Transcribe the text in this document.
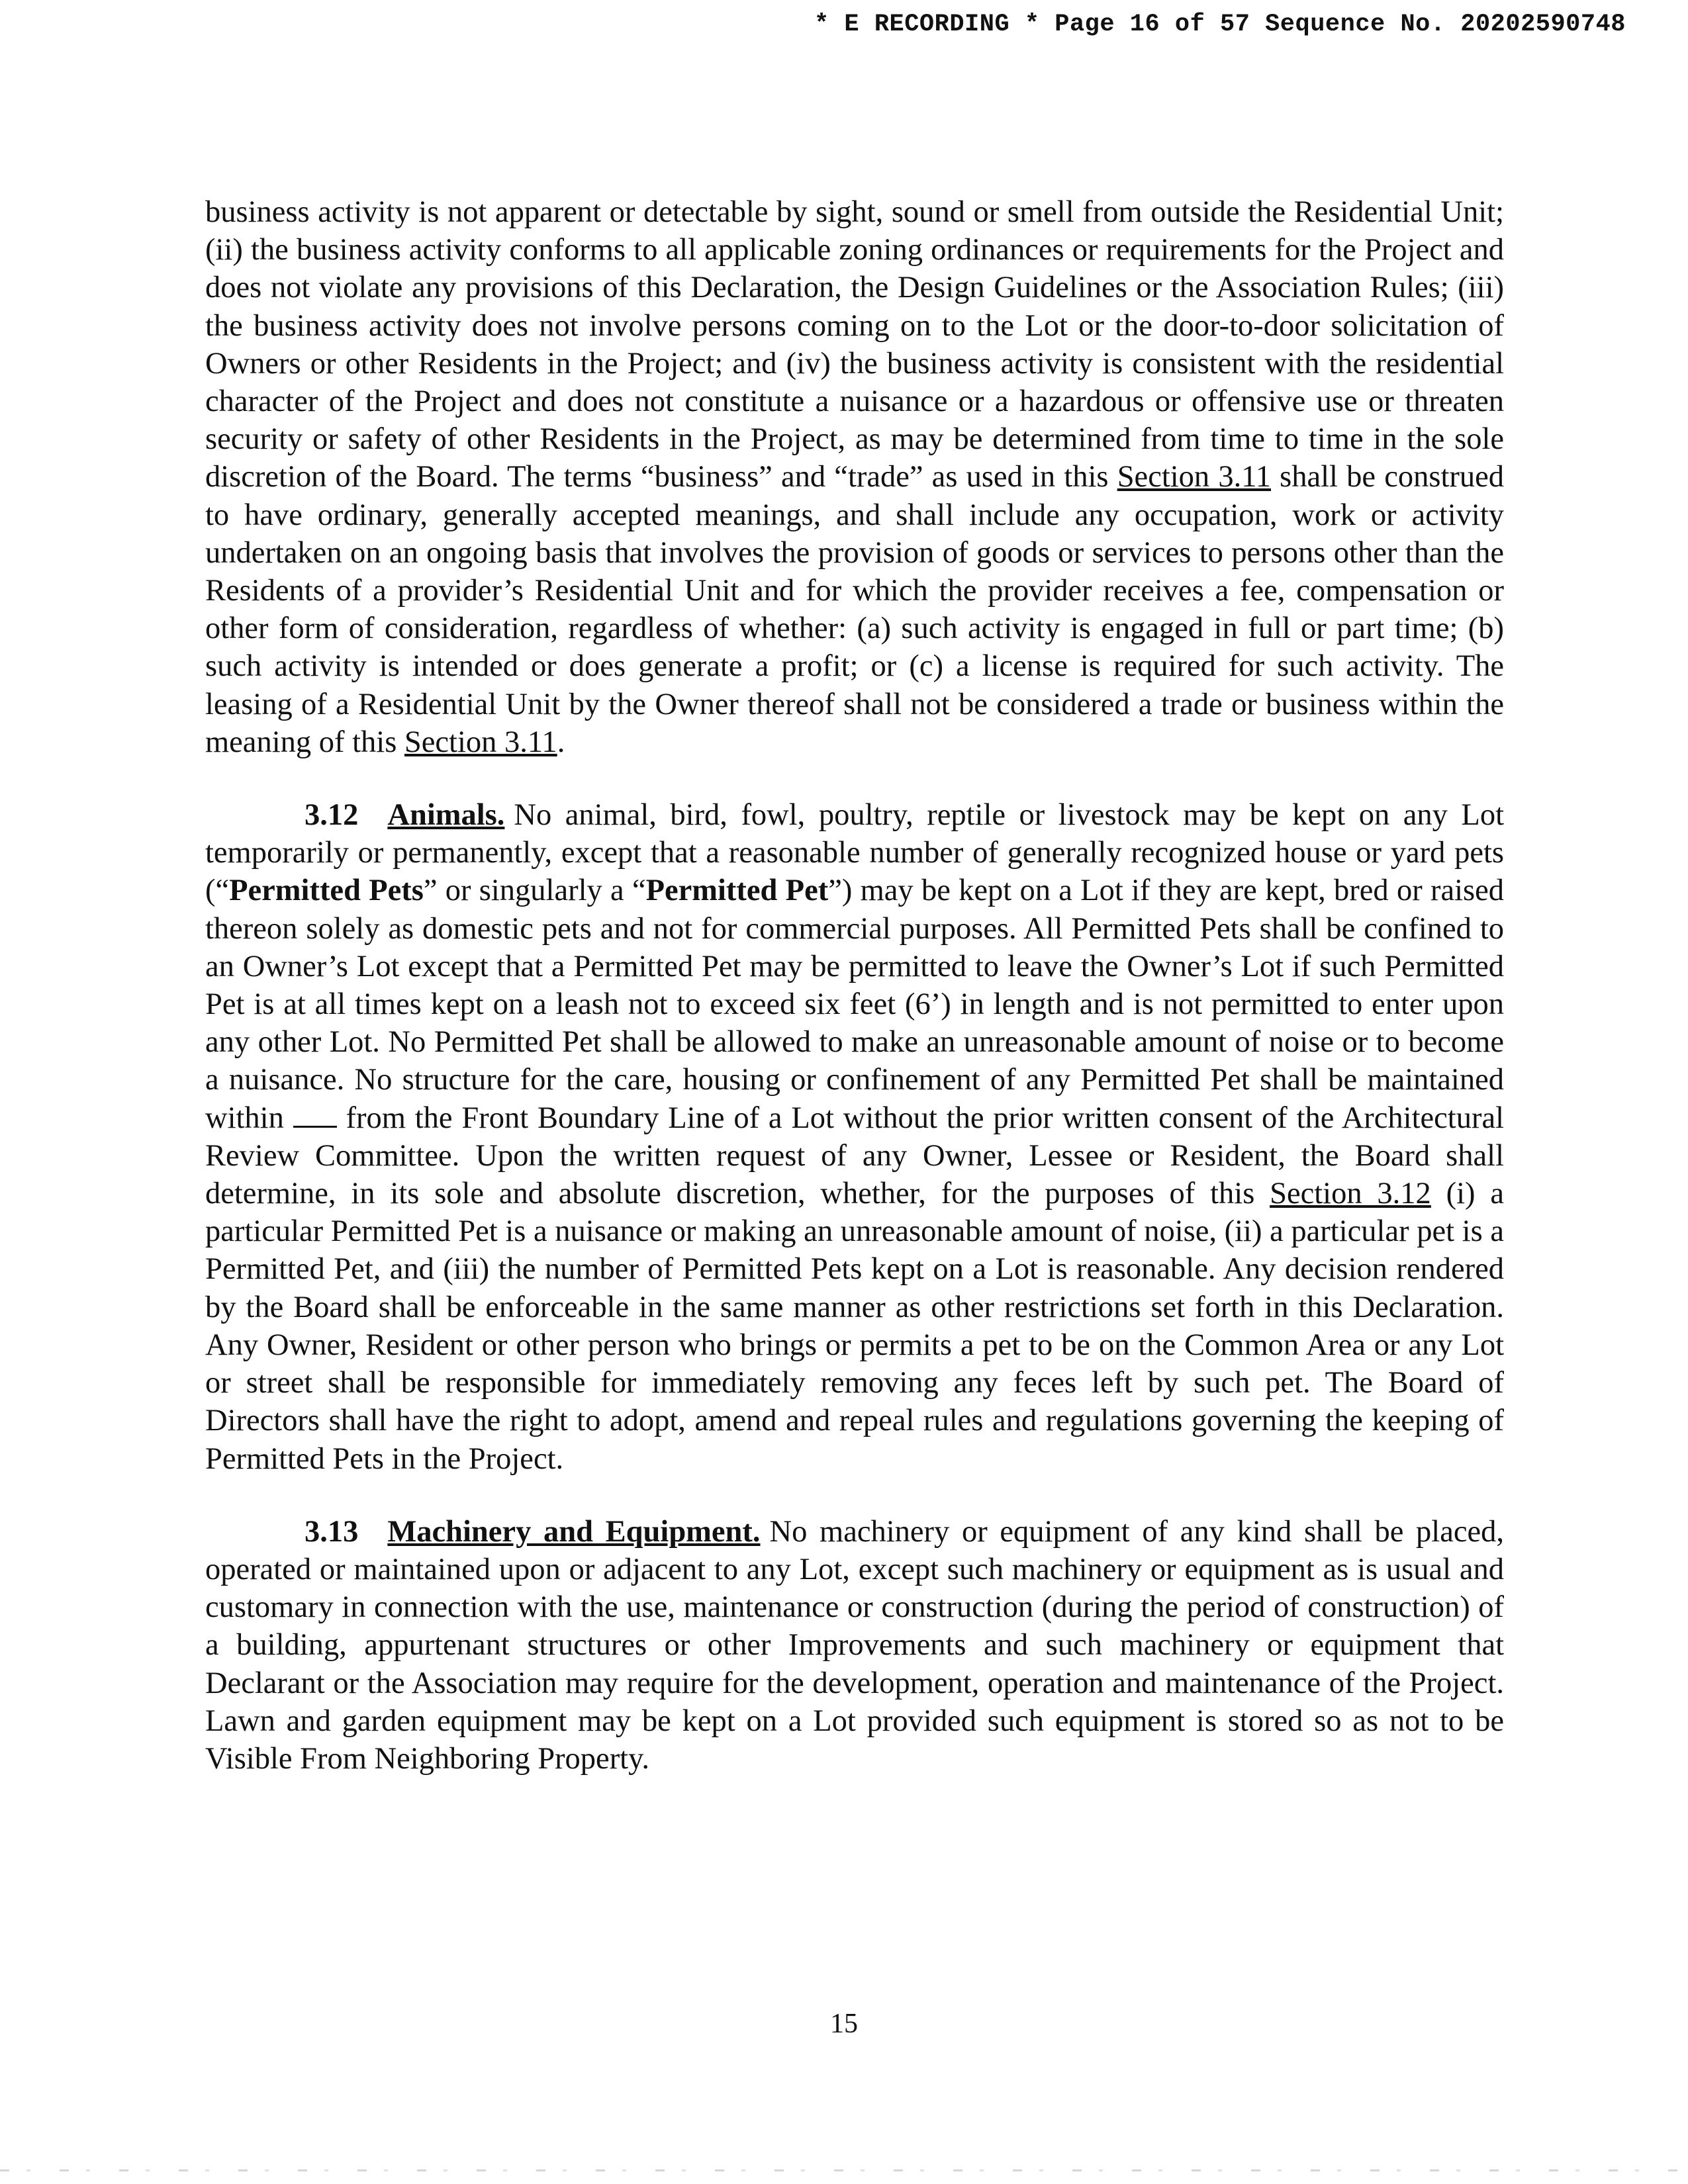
* E RECORDING * Page 16 of 57 Sequence No. 20202590748

business activity is not apparent or detectable by sight, sound or smell from outside the Residential Unit; (ii) the business activity conforms to all applicable zoning ordinances or requirements for the Project and does not violate any provisions of this Declaration, the Design Guidelines or the Association Rules; (iii) the business activity does not involve persons coming on to the Lot or the door-to-door solicitation of Owners or other Residents in the Project; and (iv) the business activity is consistent with the residential character of the Project and does not constitute a nuisance or a hazardous or offensive use or threaten security or safety of other Residents in the Project, as may be determined from time to time in the sole discretion of the Board. The terms “business” and “trade” as used in this Section 3.11 shall be construed to have ordinary, generally accepted meanings, and shall include any occupation, work or activity undertaken on an ongoing basis that involves the provision of goods or services to persons other than the Residents of a provider’s Residential Unit and for which the provider receives a fee, compensation or other form of consideration, regardless of whether: (a) such activity is engaged in full or part time; (b) such activity is intended or does generate a profit; or (c) a license is required for such activity. The leasing of a Residential Unit by the Owner thereof shall not be considered a trade or business within the meaning of this Section 3.11.

3.12 Animals. No animal, bird, fowl, poultry, reptile or livestock may be kept on any Lot temporarily or permanently, except that a reasonable number of generally recognized house or yard pets (“Permitted Pets” or singularly a “Permitted Pet”) may be kept on a Lot if they are kept, bred or raised thereon solely as domestic pets and not for commercial purposes. All Permitted Pets shall be confined to an Owner’s Lot except that a Permitted Pet may be permitted to leave the Owner’s Lot if such Permitted Pet is at all times kept on a leash not to exceed six feet (6’) in length and is not permitted to enter upon any other Lot. No Permitted Pet shall be allowed to make an unreasonable amount of noise or to become a nuisance. No structure for the care, housing or confinement of any Permitted Pet shall be maintained within  from the Front Boundary Line of a Lot without the prior written consent of the Architectural Review Committee. Upon the written request of any Owner, Lessee or Resident, the Board shall determine, in its sole and absolute discretion, whether, for the purposes of this Section 3.12 (i) a particular Permitted Pet is a nuisance or making an unreasonable amount of noise, (ii) a particular pet is a Permitted Pet, and (iii) the number of Permitted Pets kept on a Lot is reasonable. Any decision rendered by the Board shall be enforceable in the same manner as other restrictions set forth in this Declaration. Any Owner, Resident or other person who brings or permits a pet to be on the Common Area or any Lot or street shall be responsible for immediately removing any feces left by such pet. The Board of Directors shall have the right to adopt, amend and repeal rules and regulations governing the keeping of Permitted Pets in the Project.

3.13 Machinery and Equipment. No machinery or equipment of any kind shall be placed, operated or maintained upon or adjacent to any Lot, except such machinery or equipment as is usual and customary in connection with the use, maintenance or construction (during the period of construction) of a building, appurtenant structures or other Improvements and such machinery or equipment that Declarant or the Association may require for the development, operation and maintenance of the Project. Lawn and garden equipment may be kept on a Lot provided such equipment is stored so as not to be Visible From Neighboring Property.

15
